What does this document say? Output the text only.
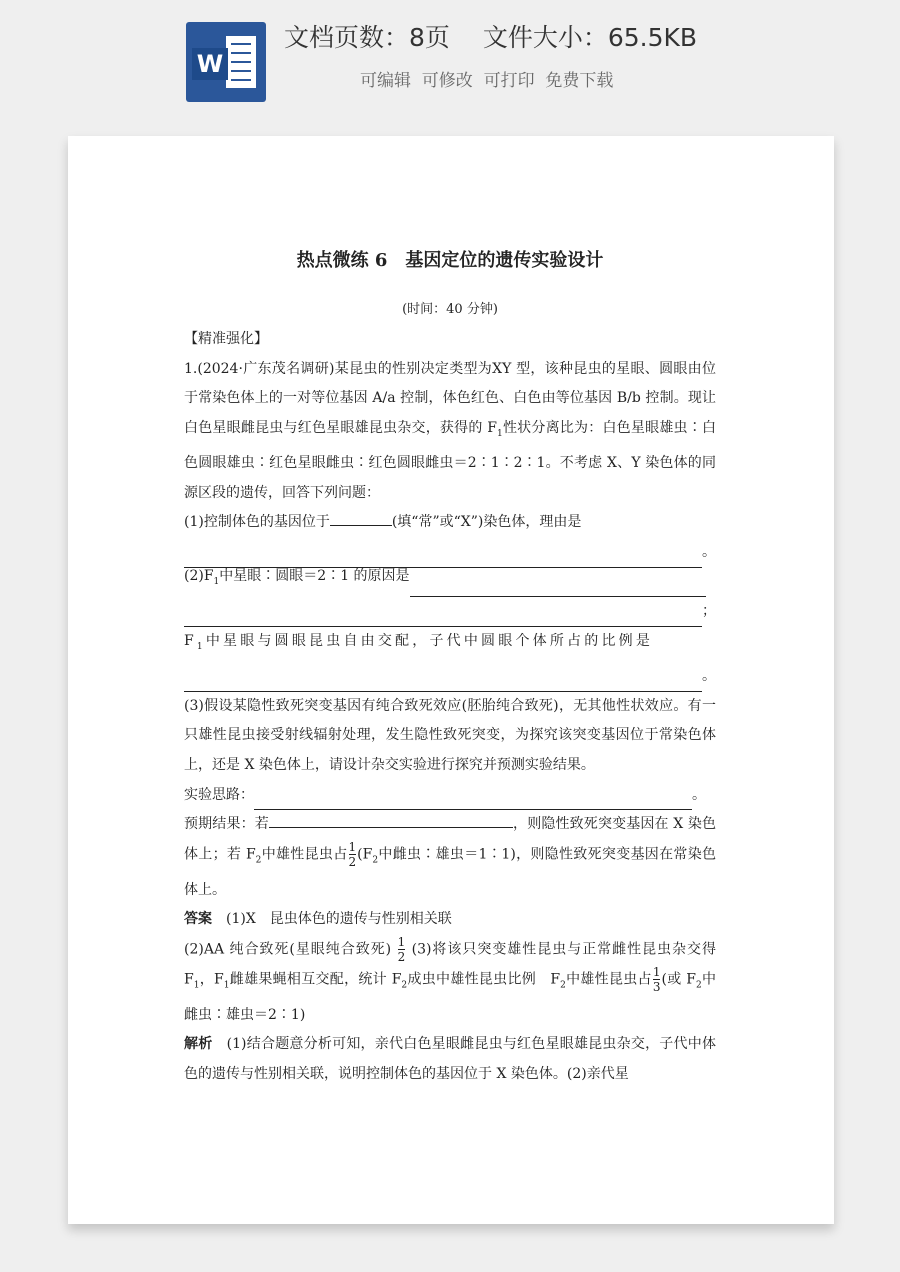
W
文档页数：8页　 文件大小：65.5KB
可编辑  可修改  可打印  免费下载
热点微练 6　基因定位的遗传实验设计
(时间：40 分钟)
【精准强化】
1.(2024·广东茂名调研)某昆虫的性别决定类型为XY 型，该种昆虫的星眼、圆眼由位于常染色体上的一对等位基因 A/a 控制，体色红色、白色由等位基因 B/b 控制。现让白色星眼雌昆虫与红色星眼雄昆虫杂交，获得的 $F_1$性状分离比为：白色星眼雄虫∶白色圆眼雄虫∶红色星眼雌虫∶红色圆眼雌虫＝2∶1∶2∶1。不考虑 X、Y 染色体的同源区段的遗传，回答下列问题：
(1)控制体色的基因位于	(填“常”或“X”)染色体，理由是
。
$(2)F_1$中星眼∶圆眼＝2∶1 的原因是
；
$F_1$中星眼与圆眼昆虫自由交配，子代中圆眼个体所占的比例是
。
(3)假设某隐性致死突变基因有纯合致死效应(胚胎纯合致死)，无其他性状效应。有一只雄性昆虫接受射线辐射处理，发生隐性致死突变，为探究该突变基因位于常染色体上，还是 X 染色体上，请设计杂交实验进行探究并预测实验结果。
实验思路：	。
预期结果：若	，则隐性致死突变基因在 X 染色体上；若 $F_2$中雄性昆虫占 $\frac{1}{2} (F_2$中雌虫∶雄虫＝1∶1)，则隐性致死突变基因在常染色体上。
答案　(1)X　昆虫体色的遗传与性别相关联
(2)AA 纯合致死(星眼纯合致死) $\frac{1}{2} (3)$将该只突变雄性昆虫与正常雌性昆虫杂交得 $F_1$，$F_1$雌雄果蝇相互交配，统计 $F_2$成虫中雄性昆虫比例　$F_2$中雄性昆虫占 $\frac{1}{3}$ (或 $F_2$中雌虫∶雄虫＝2∶1)
解析　(1)结合题意分析可知，亲代白色星眼雌昆虫与红色星眼雄昆虫杂交，子代中体色的遗传与性别相关联，说明控制体色的基因位于 X 染色体。(2)亲代星
